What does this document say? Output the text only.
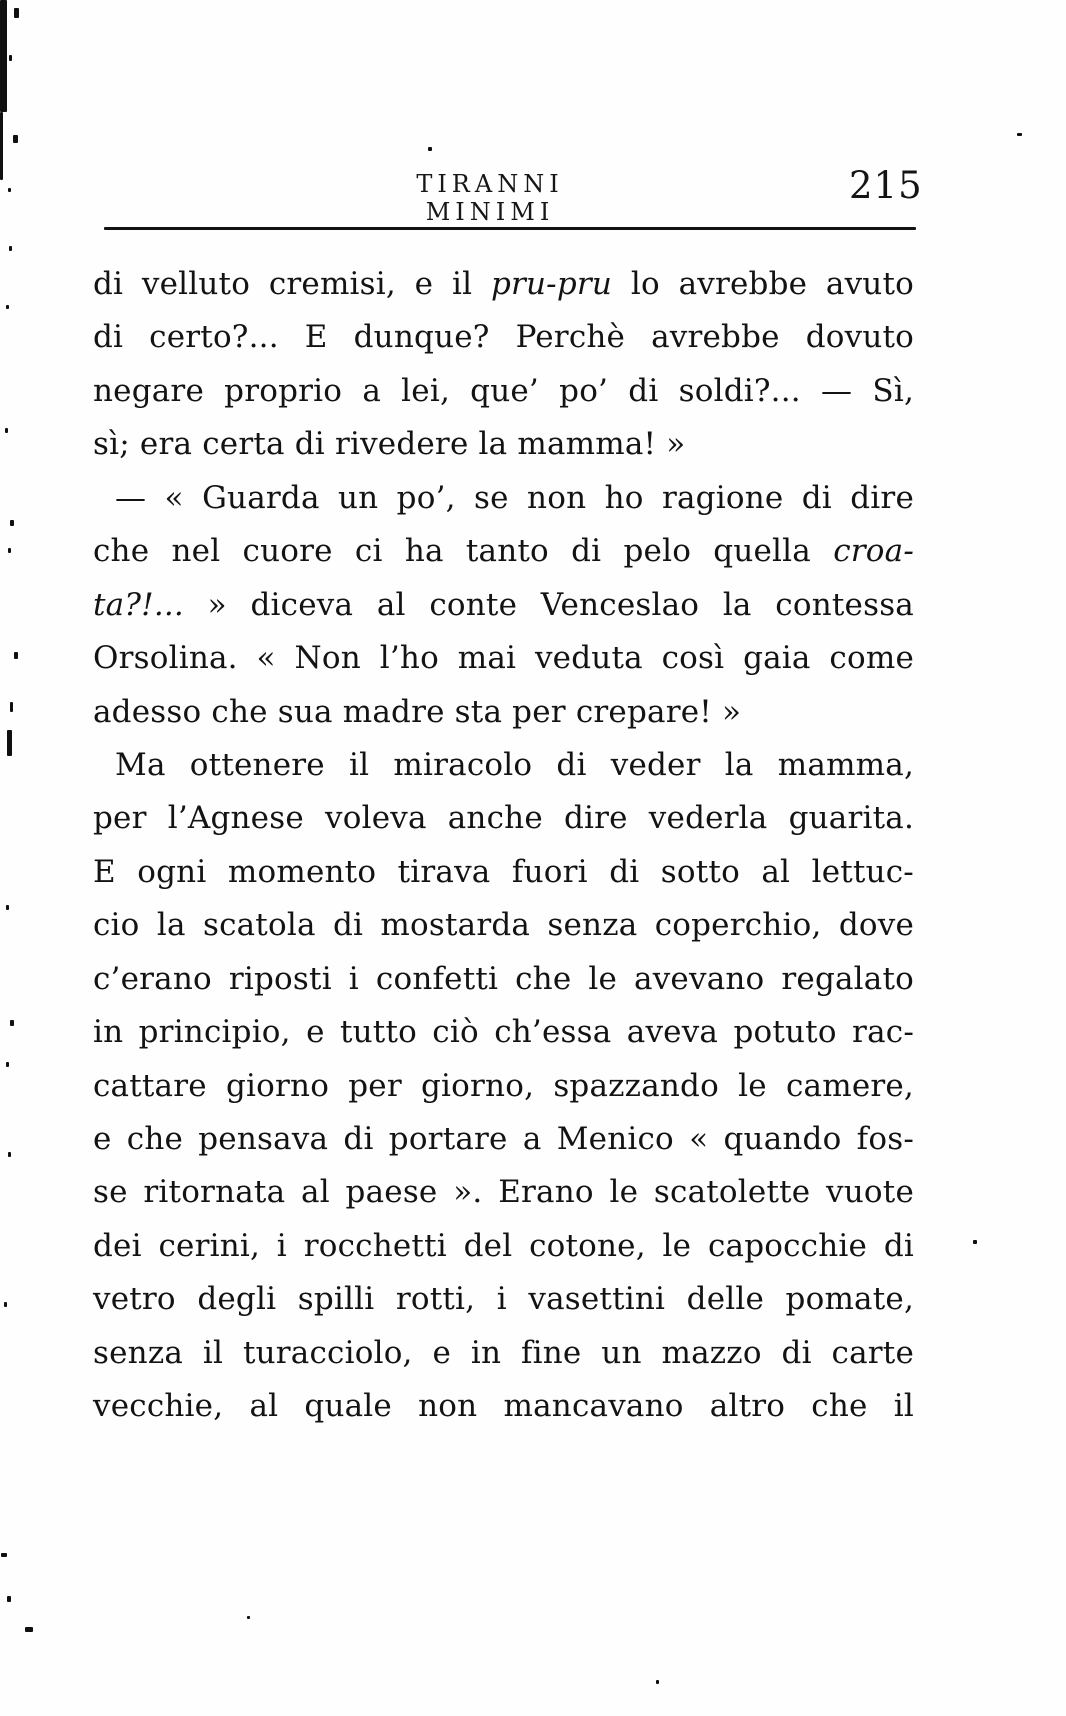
TIRANNI MINIMI
215
di velluto cremisi, e il pru-pru lo avrebbe avuto
di certo?... E dunque? Perchè avrebbe dovuto
negare proprio a lei, que’ po’ di soldi?... — Sì,
sì; era certa di rivedere la mamma! »
— « Guarda un po’, se non ho ragione di dire
che nel cuore ci ha tanto di pelo quella croa-
ta?!... » diceva al conte Venceslao la contessa
Orsolina. « Non l’ho mai veduta così gaia come
adesso che sua madre sta per crepare! »
Ma ottenere il miracolo di veder la mamma,
per l’Agnese voleva anche dire vederla guarita.
E ogni momento tirava fuori di sotto al lettuc-
cio la scatola di mostarda senza coperchio, dove
c’erano riposti i confetti che le avevano regalato
in principio, e tutto ciò ch’essa aveva potuto rac-
cattare giorno per giorno, spazzando le camere,
e che pensava di portare a Menico « quando fos-
se ritornata al paese ». Erano le scatolette vuote
dei cerini, i rocchetti del cotone, le capocchie di
vetro degli spilli rotti, i vasettini delle pomate,
senza il turacciolo, e in fine un mazzo di carte
vecchie, al quale non mancavano altro che il
